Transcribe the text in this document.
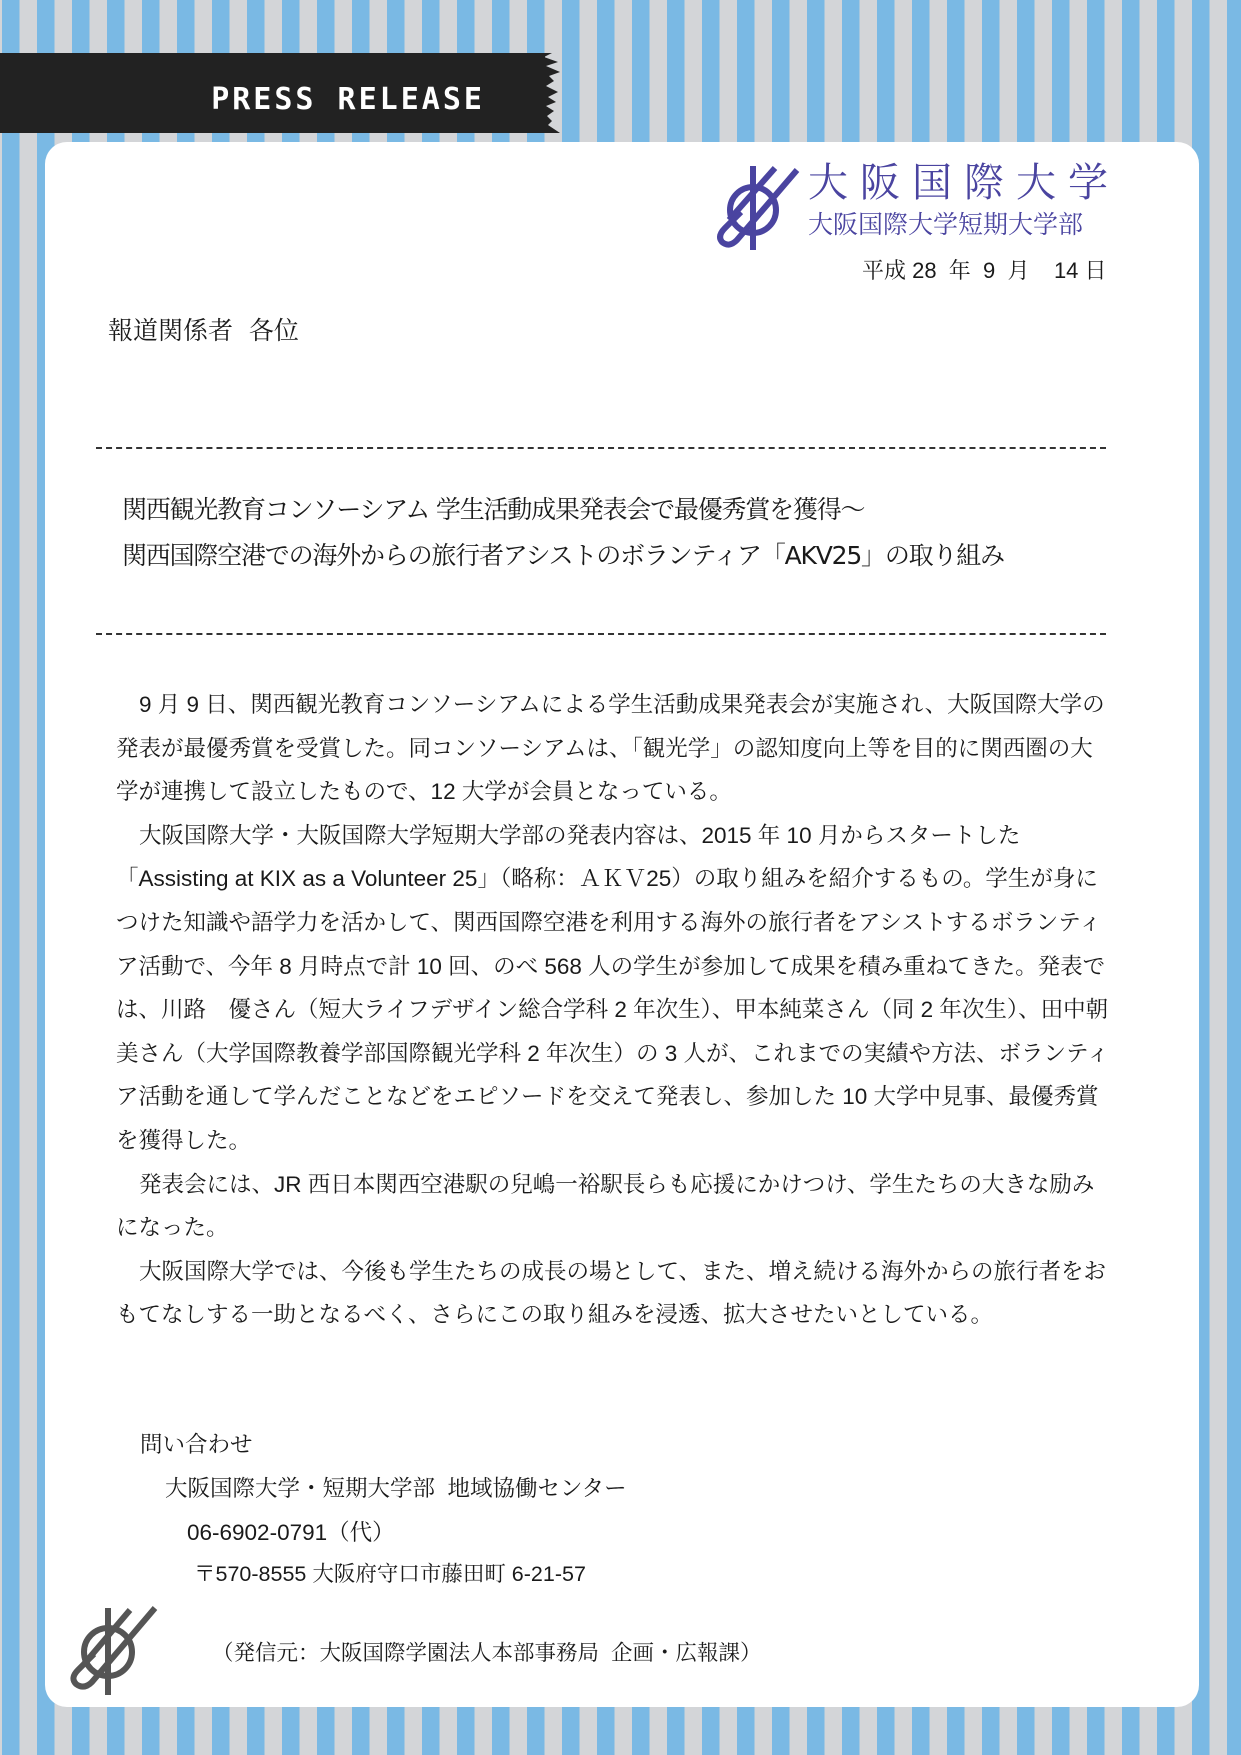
PRESS RELEASE
大阪国際大学
大阪国際大学短期大学部
平成 28  年  9  月    14 日
報道関係者  各位
関西観光教育コンソーシアム 学生活動成果発表会で最優秀賞を獲得～
関西国際空港での海外からの旅行者アシストのボランティア「AKV25」の取り組み

9 月 9 日、関西観光教育コンソーシアムによる学生活動成果発表会が実施され、大阪国際大学の発表が最優秀賞を受賞した。同コンソーシアムは、「観光学」の認知度向上等を目的に関西圏の大学が連携して設立したもので、12 大学が会員となっている。

大阪国際大学・大阪国際大学短期大学部の発表内容は、2015 年 10 月からスタートした「Assisting at KIX as a Volunteer 25」（略称：ＡＫＶ25）の取り組みを紹介するもの。学生が身につけた知識や語学力を活かして、関西国際空港を利用する海外の旅行者をアシストするボランティア活動で、今年 8 月時点で計 10 回、のべ 568 人の学生が参加して成果を積み重ねてきた。発表では、川路　優さん（短大ライフデザイン総合学科 2 年次生）、甲本純菜さん（同 2 年次生）、田中朝美さん（大学国際教養学部国際観光学科 2 年次生）の 3 人が、これまでの実績や方法、ボランティア活動を通して学んだことなどをエピソードを交えて発表し、参加した 10 大学中見事、最優秀賞を獲得した。

発表会には、JR 西日本関西空港駅の兒嶋一裕駅長らも応援にかけつけ、学生たちの大きな励みになった。

大阪国際大学では、今後も学生たちの成長の場として、また、増え続ける海外からの旅行者をおもてなしする一助となるべく、さらにこの取り組みを浸透、拡大させたいとしている。

問い合わせ
大阪国際大学・短期大学部  地域協働センター
06-6902-0791（代）
〒570-8555 大阪府守口市藤田町 6-21-57
（発信元：大阪国際学園法人本部事務局  企画・広報課）
